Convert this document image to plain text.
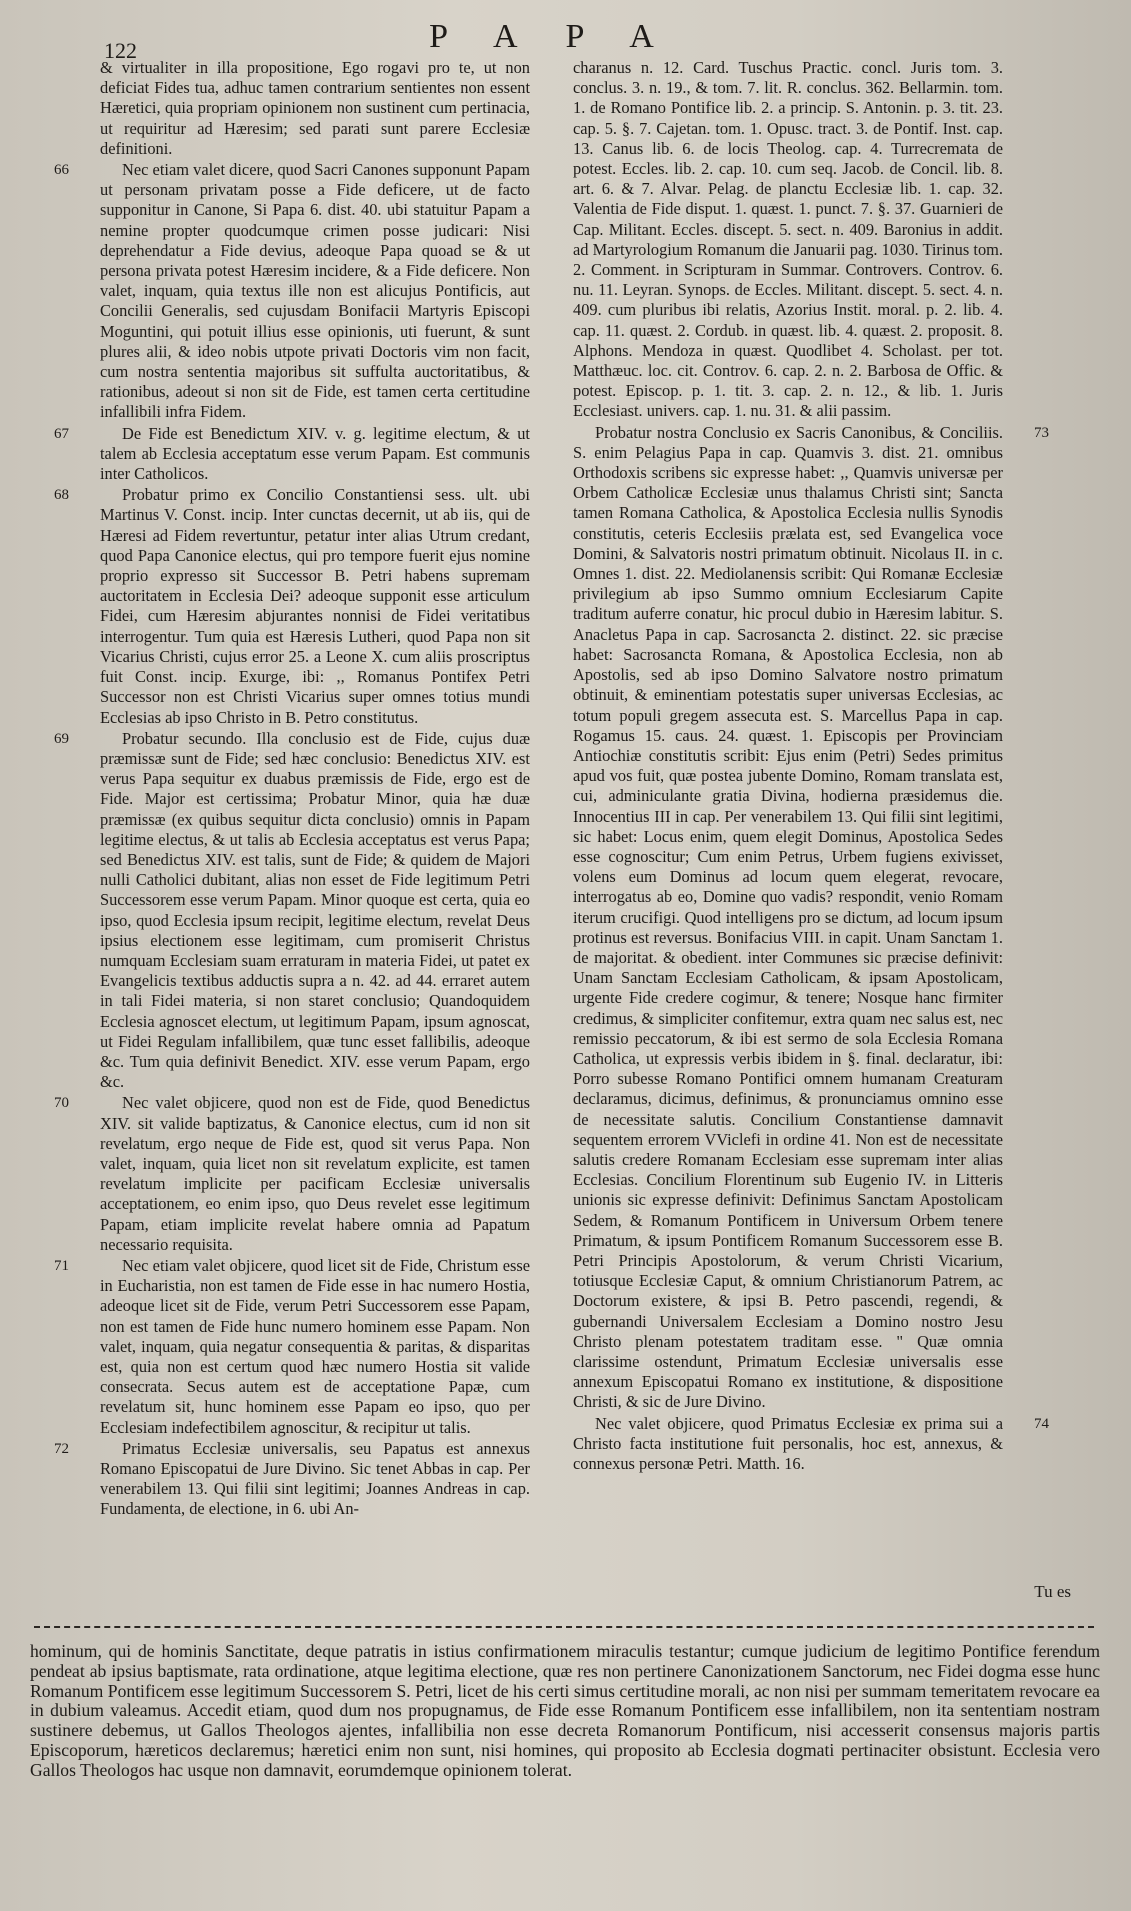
122	PAPA

& virtualiter in illa propositione, Ego rogavi pro te, ut non deficiat Fides tua, adhuc tamen contrarium sentientes non essent Hæretici, quia propriam opinionem non sustinent cum pertinacia, ut requiritur ad Hæresim; sed parati sunt parere Ecclesiæ definitioni.

66	Nec etiam valet dicere, quod Sacri Canones supponunt Papam ut personam privatam posse a Fide deficere, ut de facto supponitur in Canone, Si Papa 6. dist. 40. ubi statuitur Papam a nemine propter quodcumque crimen posse judicari: Nisi deprehendatur a Fide devius, adeoque Papa quoad se & ut persona privata potest Hæresim incidere, & a Fide deficere. Non valet, inquam, quia textus ille non est alicujus Pontificis, aut Concilii Generalis, sed cujusdam Bonifacii Martyris Episcopi Moguntini, qui potuit illius esse opinionis, uti fuerunt, & sunt plures alii, & ideo nobis utpote privati Doctoris vim non facit, cum nostra sententia majoribus sit suffulta auctoritatibus, & rationibus, adeout si non sit de Fide, est tamen certa certitudine infallibili infra Fidem.

67	De Fide est Benedictum XIV. v. g. legitime electum, & ut talem ab Ecclesia acceptatum esse verum Papam. Est communis inter Catholicos.

68	Probatur primo ex Concilio Constantiensi sess. ult. ubi Martinus V. Const. incip. Inter cunctas decernit, ut ab iis, qui de Hæresi ad Fidem revertuntur, petatur inter alias Utrum credant, quod Papa Canonice electus, qui pro tempore fuerit ejus nomine proprio expresso sit Successor B. Petri habens supremam auctoritatem in Ecclesia Dei? adeoque supponit esse articulum Fidei, cum Hæresim abjurantes nonnisi de Fidei veritatibus interrogentur. Tum quia est Hæresis Lutheri, quod Papa non sit Vicarius Christi, cujus error 25. a Leone X. cum aliis proscriptus fuit Const. incip. Exurge, ibi: ,, Romanus Pontifex Petri Successor non est Christi Vicarius super omnes totius mundi Ecclesias ab ipso Christo in B. Petro constitutus.

69	Probatur secundo. Illa conclusio est de Fide, cujus duæ præmissæ sunt de Fide; sed hæc conclusio: Benedictus XIV. est verus Papa sequitur ex duabus præmissis de Fide, ergo est de Fide. Major est certissima; Probatur Minor, quia hæ duæ præmissæ (ex quibus sequitur dicta conclusio) omnis in Papam legitime electus, & ut talis ab Ecclesia acceptatus est verus Papa; sed Benedictus XIV. est talis, sunt de Fide; & quidem de Majori nulli Catholici dubitant, alias non esset de Fide legitimum Petri Successorem esse verum Papam. Minor quoque est certa, quia eo ipso, quod Ecclesia ipsum recipit, legitime electum, revelat Deus ipsius electionem esse legitimam, cum promiserit Christus numquam Ecclesiam suam erraturam in materia Fidei, ut patet ex Evangelicis textibus adductis supra a n. 42. ad 44. erraret autem in tali Fidei materia, si non staret conclusio; Quandoquidem Ecclesia agnoscet electum, ut legitimum Papam, ipsum agnoscat, ut Fidei Regulam infallibilem, quæ tunc esset fallibilis, adeoque &c. Tum quia definivit Benedict. XIV. esse verum Papam, ergo &c.

70	Nec valet objicere, quod non est de Fide, quod Benedictus XIV. sit valide baptizatus, & Canonice electus, cum id non sit revelatum, ergo neque de Fide est, quod sit verus Papa. Non valet, inquam, quia licet non sit revelatum explicite, est tamen revelatum implicite per pacificam Ecclesiæ universalis acceptationem, eo enim ipso, quo Deus revelet esse legitimum Papam, etiam implicite revelat habere omnia ad Papatum necessario requisita.

71	Nec etiam valet objicere, quod licet sit de Fide, Christum esse in Eucharistia, non est tamen de Fide esse in hac numero Hostia, adeoque licet sit de Fide, verum Petri Successorem esse Papam, non est tamen de Fide hunc numero hominem esse Papam. Non valet, inquam, quia negatur consequentia & paritas, & disparitas est, quia non est certum quod hæc numero Hostia sit valide consecrata. Secus autem est de acceptatione Papæ, cum revelatum sit, hunc hominem esse Papam eo ipso, quo per Ecclesiam indefectibilem agnoscitur, & recipitur ut talis.

72	Primatus Ecclesiæ universalis, seu Papatus est annexus Romano Episcopatui de Jure Divino. Sic tenet Abbas in cap. Per venerabilem 13. Qui filii sint legitimi; Joannes Andreas in cap. Fundamenta, de electione, in 6. ubi An-

charanus n. 12. Card. Tuschus Practic. concl. Juris tom. 3. conclus. 3. n. 19., & tom. 7. lit. R. conclus. 362. Bellarmin. tom. 1. de Romano Pontifice lib. 2. a princip. S. Antonin. p. 3. tit. 23. cap. 5. §. 7. Cajetan. tom. 1. Opusc. tract. 3. de Pontif. Inst. cap. 13. Canus lib. 6. de locis Theolog. cap. 4. Turrecremata de potest. Eccles. lib. 2. cap. 10. cum seq. Jacob. de Concil. lib. 8. art. 6. & 7. Alvar. Pelag. de planctu Ecclesiæ lib. 1. cap. 32. Valentia de Fide disput. 1. quæst. 1. punct. 7. §. 37. Guarnieri de Cap. Militant. Eccles. discept. 5. sect. n. 409. Baronius in addit. ad Martyrologium Romanum die Januarii pag. 1030. Tirinus tom. 2. Comment. in Scripturam in Summar. Controvers. Controv. 6. nu. 11. Leyran. Synops. de Eccles. Militant. discept. 5. sect. 4. n. 409. cum pluribus ibi relatis, Azorius Instit. moral. p. 2. lib. 4. cap. 11. quæst. 2. Cordub. in quæst. lib. 4. quæst. 2. proposit. 8. Alphons. Mendoza in quæst. Quodlibet 4. Scholast. per tot. Matthæuc. loc. cit. Controv. 6. cap. 2. n. 2. Barbosa de Offic. & potest. Episcop. p. 1. tit. 3. cap. 2. n. 12., & lib. 1. Juris Ecclesiast. univers. cap. 1. nu. 31. & alii passim.

73
Probatur nostra Conclusio ex Sacris Canonibus, & Conciliis. S. enim Pelagius Papa in cap. Quamvis 3. dist. 21. omnibus Orthodoxis scribens sic expresse habet: ,, Quamvis universæ per Orbem Catholicæ Ecclesiæ unus thalamus Christi sint; Sancta tamen Romana Catholica, & Apostolica Ecclesia nullis Synodis constitutis, ceteris Ecclesiis prælata est, sed Evangelica voce Domini, & Salvatoris nostri primatum obtinuit. Nicolaus II. in c. Omnes 1. dist. 22. Mediolanensis scribit: Qui Romanæ Ecclesiæ privilegium ab ipso Summo omnium Ecclesiarum Capite traditum auferre conatur, hic procul dubio in Hæresim labitur. S. Anacletus Papa in cap. Sacrosancta 2. distinct. 22. sic præcise habet: Sacrosancta Romana, & Apostolica Ecclesia, non ab Apostolis, sed ab ipso Domino Salvatore nostro primatum obtinuit, & eminentiam potestatis super universas Ecclesias, ac totum populi gregem assecuta est. S. Marcellus Papa in cap. Rogamus 15. caus. 24. quæst. 1. Episcopis per Provinciam Antiochiæ constitutis scribit: Ejus enim (Petri) Sedes primitus apud vos fuit, quæ postea jubente Domino, Romam translata est, cui, adminiculante gratia Divina, hodierna præsidemus die. Innocentius III in cap. Per venerabilem 13. Qui filii sint legitimi, sic habet: Locus enim, quem elegit Dominus, Apostolica Sedes esse cognoscitur; Cum enim Petrus, Urbem fugiens exivisset, volens eum Dominus ad locum quem elegerat, revocare, interrogatus ab eo, Domine quo vadis? respondit, venio Romam iterum crucifigi. Quod intelligens pro se dictum, ad locum ipsum protinus est reversus. Bonifacius VIII. in capit. Unam Sanctam 1. de majoritat. & obedient. inter Communes sic præcise definivit: Unam Sanctam Ecclesiam Catholicam, & ipsam Apostolicam, urgente Fide credere cogimur, & tenere; Nosque hanc firmiter credimus, & simpliciter confitemur, extra quam nec salus est, nec remissio peccatorum, & ibi est sermo de sola Ecclesia Romana Catholica, ut expressis verbis ibidem in §. final. declaratur, ibi: Porro subesse Romano Pontifici omnem humanam Creaturam declaramus, dicimus, definimus, & pronunciamus omnino esse de necessitate salutis. Concilium Constantiense damnavit sequentem errorem VViclefi in ordine 41. Non est de necessitate salutis credere Romanam Ecclesiam esse supremam inter alias Ecclesias. Concilium Florentinum sub Eugenio IV. in Litteris unionis sic expresse definivit: Definimus Sanctam Apostolicam Sedem, & Romanum Pontificem in Universum Orbem tenere Primatum, & ipsum Pontificem Romanum Successorem esse B. Petri Principis Apostolorum, & verum Christi Vicarium, totiusque Ecclesiæ Caput, & omnium Christianorum Patrem, ac Doctorum existere, & ipsi B. Petro pascendi, regendi, & gubernandi Universalem Ecclesiam a Domino nostro Jesu Christo plenam potestatem traditam esse. " Quæ omnia clarissime ostendunt, Primatum Ecclesiæ universalis esse annexum Episcopatui Romano ex institutione, & dispositione Christi, & sic de Jure Divino.

74
Nec valet objicere, quod Primatus Ecclesiæ ex prima sui a Christo facta institutione fuit personalis, hoc est, annexus, & connexus personæ Petri. Matth. 16.

Tu es

hominum, qui de hominis Sanctitate, deque patratis in istius confirmationem miraculis testantur; cumque judicium de legitimo Pontifice ferendum pendeat ab ipsius baptismate, rata ordinatione, atque legitima electione, quæ res non pertinere Canonizationem Sanctorum, nec Fidei dogma esse hunc Romanum Pontificem esse legitimum Successorem S. Petri, licet de his certi simus certitudine morali, ac non nisi per summam temeritatem revocare ea in dubium valeamus. Accedit etiam, quod dum nos propugnamus, de Fide esse Romanum Pontificem esse infallibilem, non ita sententiam nostram sustinere debemus, ut Gallos Theologos ajentes, infallibilia non esse decreta Romanorum Pontificum, nisi accesserit consensus majoris partis Episcoporum, hæreticos declaremus; hæretici enim non sunt, nisi homines, qui proposito ab Ecclesia dogmati pertinaciter obsistunt. Ecclesia vero Gallos Theologos hac usque non damnavit, eorumdemque opinionem tolerat.
